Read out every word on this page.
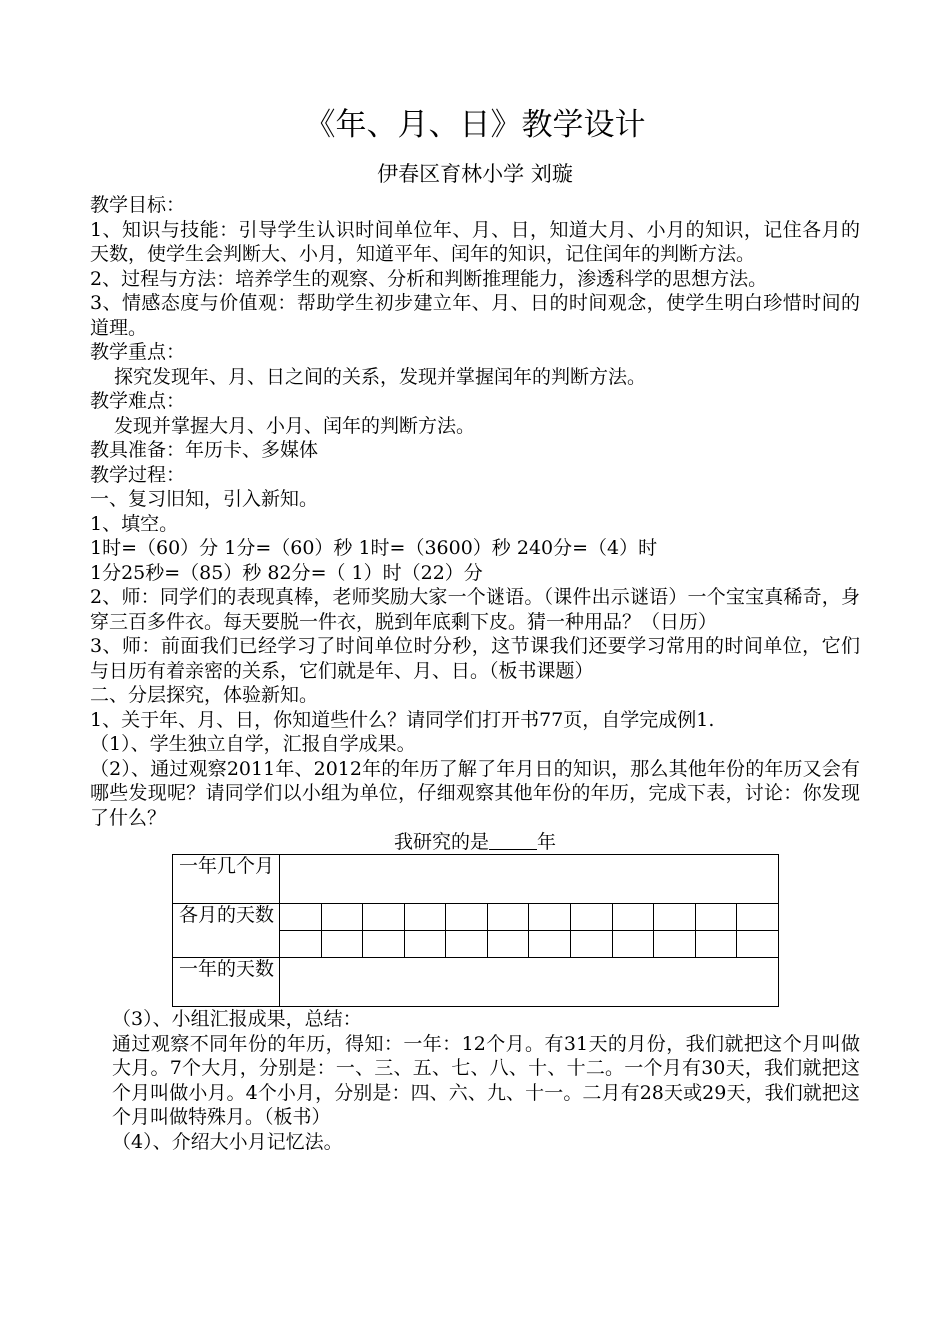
《年、月、日》教学设计
伊春区育林小学 刘璇

教学目标：

1、知识与技能：引导学生认识时间单位年、月、日，知道大月、小月的知识，记住各月的天数，使学生会判断大、小月，知道平年、闰年的知识，记住闰年的判断方法。

2、过程与方法：培养学生的观察、分析和判断推理能力，渗透科学的思想方法。

3、情感态度与价值观：帮助学生初步建立年、月、日的时间观念，使学生明白珍惜时间的道理。

教学重点：

探究发现年、月、日之间的关系，发现并掌握闰年的判断方法。

教学难点：

发现并掌握大月、小月、闰年的判断方法。

教具准备：年历卡、多媒体

教学过程：

一、复习旧知，引入新知。

1、填空。

1时=（60）分 1分=（60）秒 1时=（3600）秒 240分=（4）时

1分25秒=（85）秒 82分=（ 1）时（22）分

2、师：同学们的表现真棒，老师奖励大家一个谜语。（课件出示谜语）一个宝宝真稀奇，身穿三百多件衣。每天要脱一件衣，脱到年底剩下皮。猜一种用品？（日历）

3、师：前面我们已经学习了时间单位时分秒，这节课我们还要学习常用的时间单位，它们与日历有着亲密的关系，它们就是年、月、日。（板书课题）

二、分层探究，体验新知。

1、关于年、月、日，你知道些什么？请同学们打开书77页，自学完成例1.

（1）、学生独立自学，汇报自学成果。

（2）、通过观察2011年、2012年的年历了解了年月日的知识，那么其他年份的年历又会有哪些发现呢？请同学们以小组为单位，仔细观察其他年份的年历，完成下表，讨论：你发现了什么？

我研究的是	年

一年几个月												
各月的天数												

一年的天数												

（3）、小组汇报成果，总结：

通过观察不同年份的年历，得知：一年：12个月。有31天的月份，我们就把这个月叫做大月。7个大月，分别是：一、三、五、七、八、十、十二。一个月有30天，我们就把这个月叫做小月。4个小月，分别是：四、六、九、十一。二月有28天或29天，我们就把这个月叫做特殊月。（板书）

（4）、介绍大小月记忆法。
